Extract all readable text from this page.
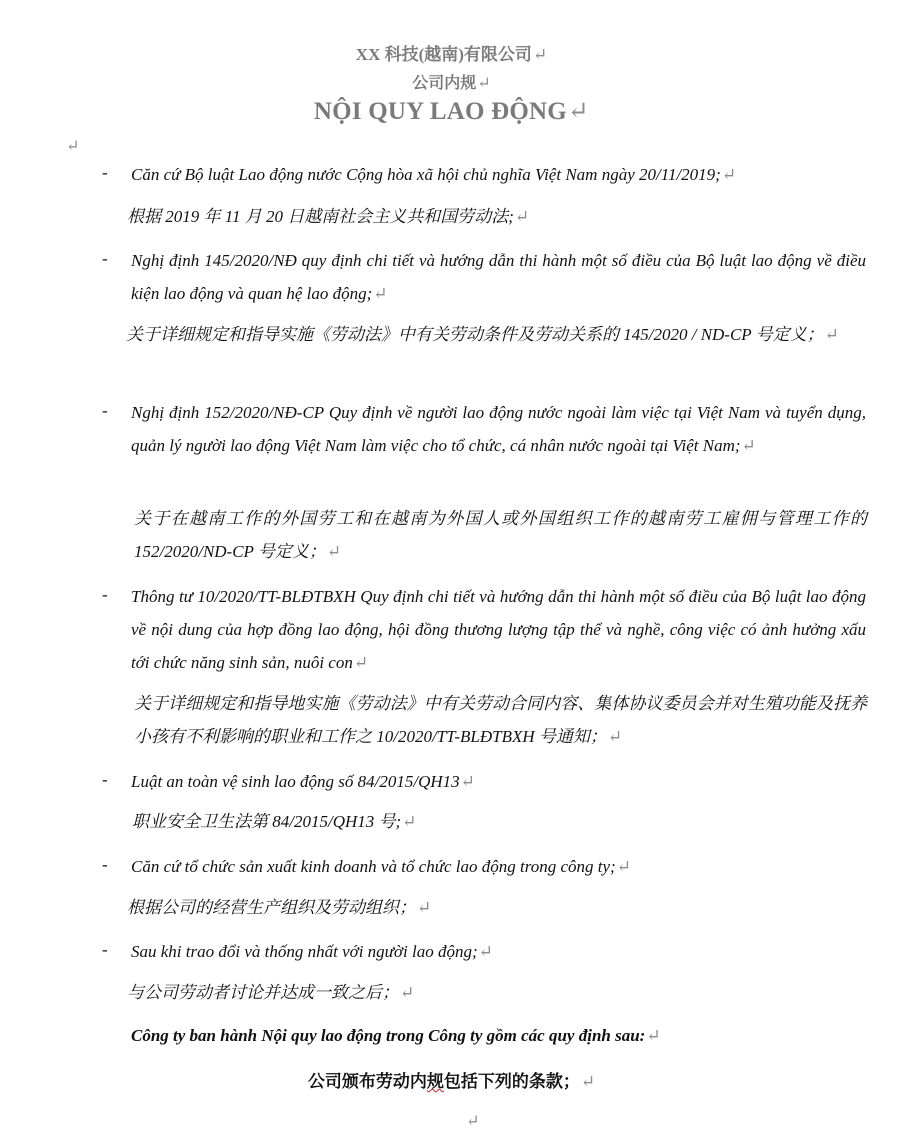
XX 科技(越南)有限公司↵
公司内规↵
NỘI QUY LAO ĐỘNG↵
↵
- Căn cứ Bộ luật Lao động nước Cộng hòa xã hội chủ nghĩa Việt Nam ngày 20/11/2019;↵
根据 2019 年 11 月 20 日越南社会主义共和国劳动法;↵
- Nghị định 145/2020/NĐ quy định chi tiết và hướng dẫn thi hành một số điều của Bộ luật lao động về điều kiện lao động và quan hệ lao động;↵
关于详细规定和指导实施《劳动法》中有关劳动条件及劳动关系的 145/2020 / ND-CP 号定义；↵
- Nghị định 152/2020/NĐ-CP Quy định về người lao động nước ngoài làm việc tại Việt Nam và tuyển dụng, quản lý người lao động Việt Nam làm việc cho tổ chức, cá nhân nước ngoài tại Việt Nam;↵
关于在越南工作的外国劳工和在越南为外国人或外国组织工作的越南劳工雇佣与管理工作的 152/2020/ND-CP 号定义；↵
- Thông tư 10/2020/TT-BLĐTBXH Quy định chi tiết và hướng dẫn thi hành một số điều của Bộ luật lao động về nội dung của hợp đồng lao động, hội đồng thương lượng tập thể và nghề, công việc có ảnh hưởng xấu tới chức năng sinh sản, nuôi con↵
关于详细规定和指导地实施《劳动法》中有关劳动合同内容、集体协议委员会并对生殖功能及抚养小孩有不利影响的职业和工作之 10/2020/TT-BLĐTBXH 号通知；↵
- Luật an toàn vệ sinh lao động số 84/2015/QH13↵
职业安全卫生法第 84/2015/QH13 号;↵
- Căn cứ tổ chức sản xuất kinh doanh và tổ chức lao động trong công ty;↵
根据公司的经营生产组织及劳动组织；↵
- Sau khi trao đổi và thống nhất với người lao động;↵
与公司劳动者讨论并达成一致之后；↵
Công ty ban hành Nội quy lao động trong Công ty gồm các quy định sau:↵
公司颁布劳动内规包括下列的条款；↵
↵
